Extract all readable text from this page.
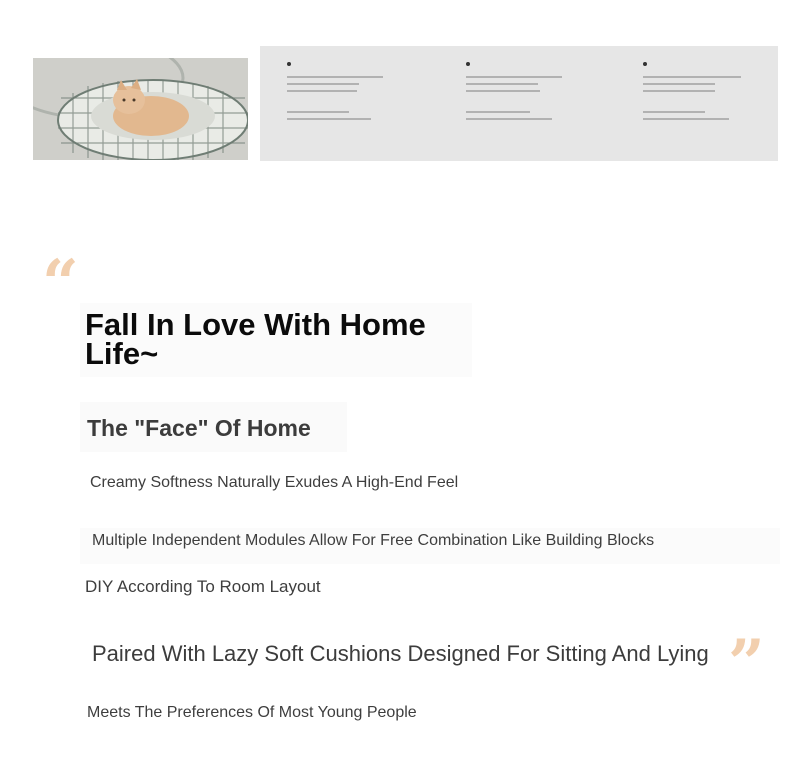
“
”
Fall In Love With Home Life~
The "Face" Of Home

Creamy Softness Naturally Exudes A High-End Feel

Multiple Independent Modules Allow For Free Combination Like Building Blocks

DIY According To Room Layout

Paired With Lazy Soft Cushions Designed For Sitting And Lying

Meets The Preferences Of Most Young People
